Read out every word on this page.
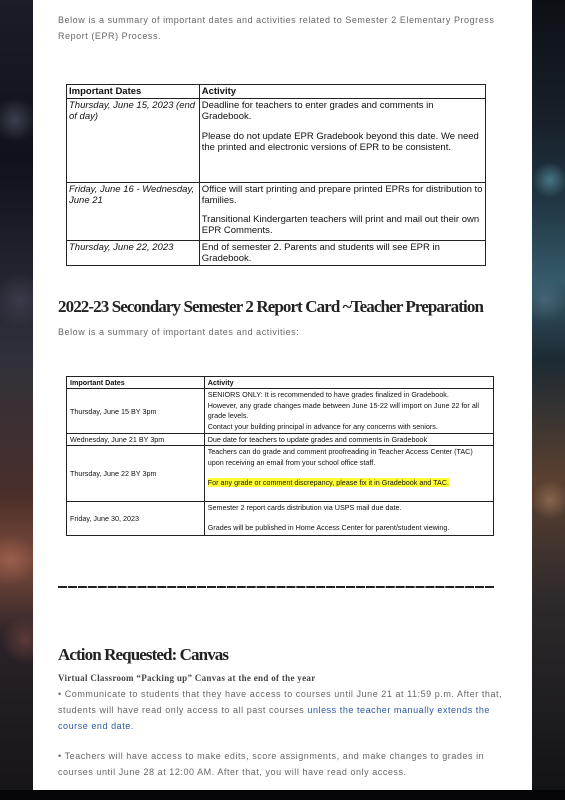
Below is a summary of important dates and activities related to Semester 2 Elementary Progress Report (EPR) Process.

Important Dates	Activity
Thursday, June 15, 2023 (end of day)	Deadline for teachers to enter grades and comments in Gradebook.
Please do not update EPR Gradebook beyond this date. We need the printed and electronic versions of EPR to be consistent.

Friday, June 16 - Wednesday, June 21	Office will start printing and prepare printed EPRs for distribution to families.
Transitional Kindergarten teachers will print and mail out their own EPR Comments.

Thursday, June 22, 2023	End of semester 2. Parents and students will see EPR in Gradebook.
2022-23 Secondary Semester 2 Report Card ~Teacher Preparation

Below is a summary of important dates and activities:

Important Dates	Activity
Thursday, June 15 BY 3pm	SENIORS ONLY: It is recommended to have grades finalized in Gradebook.
However, any grade changes made between June 15-22 will import on June 22 for all grade levels.
Contact your building principal in advance for any concerns with seniors.

Wednesday, June 21 BY 3pm	Due date for teachers to update grades and comments in Gradebook
Thursday, June 22 BY 3pm	Teachers can do grade and comment proofreading in Teacher Access Center (TAC) upon receiving an email from your school office staff.
For any grade or comment discrepancy, please fix it in Gradebook and TAC.

Friday, June 30, 2023	Semester 2 report cards distribution via USPS mail due date.
Grades will be published in Home Access Center for parent/student viewing.
Action Requested: Canvas
Virtual Classroom “Packing up” Canvas at the end of the year

• Communicate to students that they have access to courses until June 21 at 11:59 p.m. After that, students will have read only access to all past courses unless the teacher manually extends the course end date.

• Teachers will have access to make edits, score assignments, and make changes to grades in courses until June 28 at 12:00 AM. After that, you will have read only access.
